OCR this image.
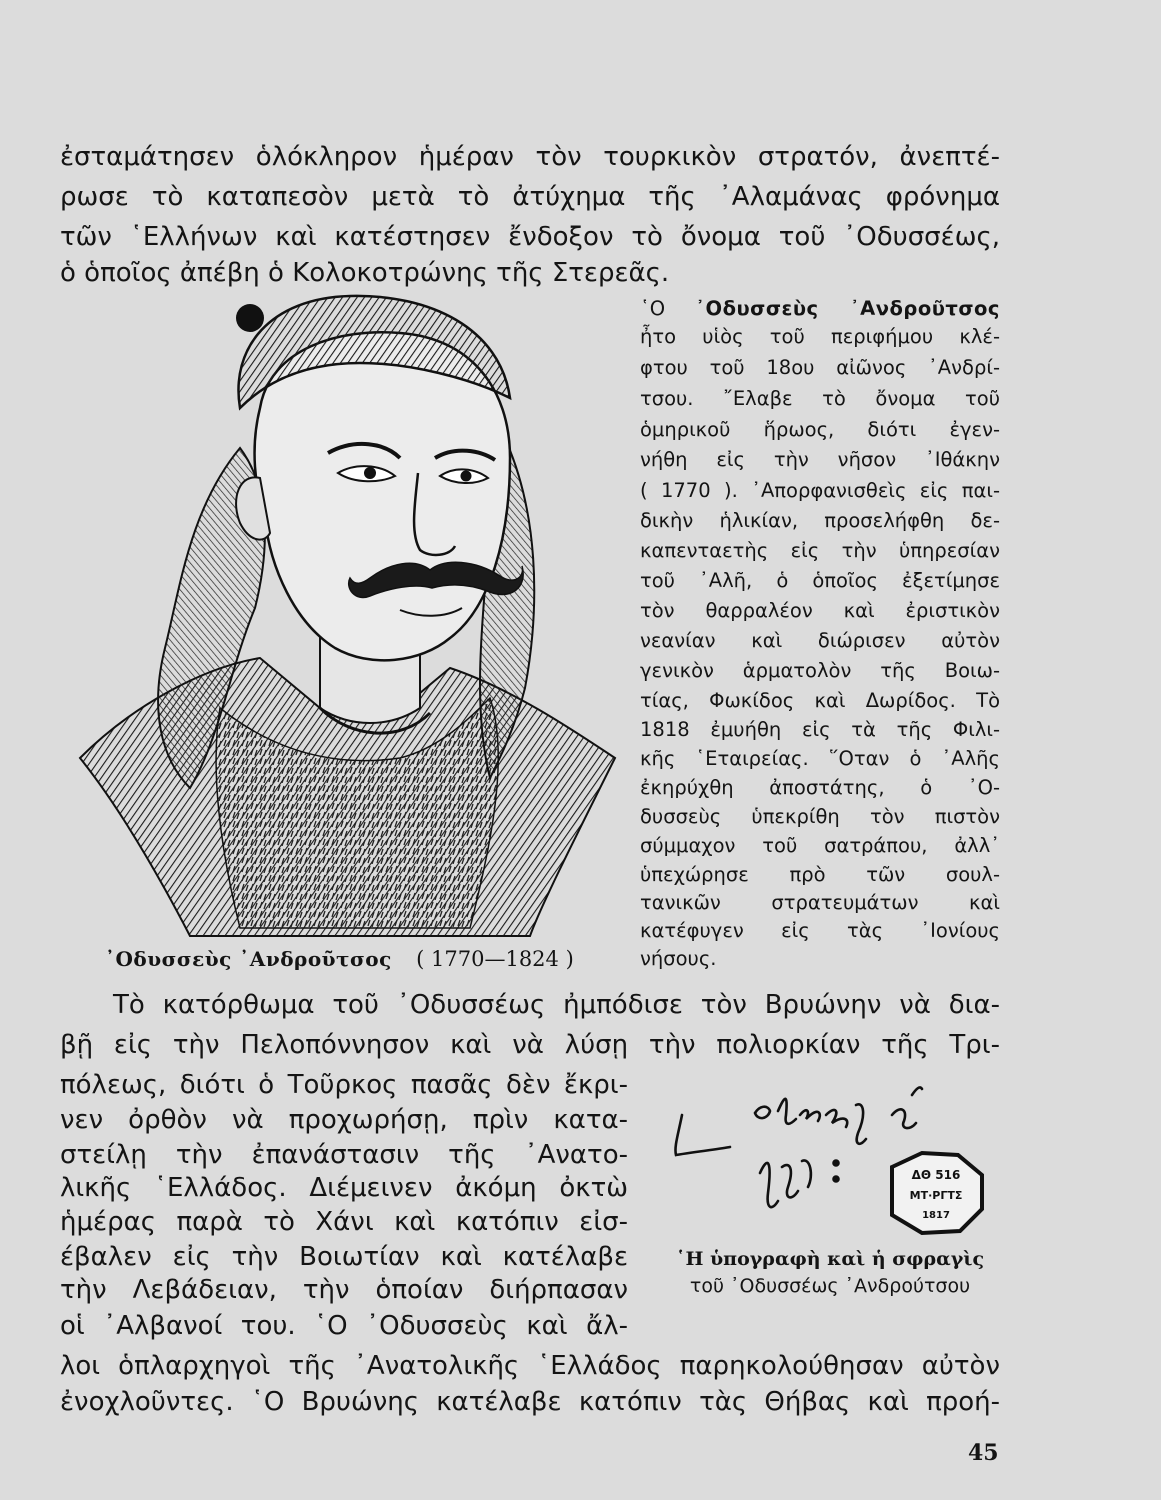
ἐσταμάτησεν ὁλόκληρον ἡμέραν τὸν τουρκικὸν στρατόν, ἀνεπτέ-
ρωσε τὸ καταπεσὸν μετὰ τὸ ἀτύχημα τῆς ᾿Αλαμάνας φρόνημα
τῶν ῾Ελλήνων καὶ κατέστησεν ἔνδοξον τὸ ὄνομα τοῦ ᾿Οδυσσέως,
ὁ ὁποῖος ἀπέβη ὁ Κολοκοτρώνης τῆς Στερεᾶς.
᾿Οδυσσεὺς ᾿Ανδροῦτσος ( 1770—1824 )
῾Ο ᾿Οδυσσεὺς ᾿Ανδροῦτσος
ἦτο υἱὸς τοῦ περιφήμου κλέ-
φτου τοῦ 18ου αἰῶνος ᾿Ανδρί-
τσου. ῎Ελαβε τὸ ὄνομα τοῦ
ὁμηρικοῦ ἥρωος, διότι ἐγεν-
νήθη εἰς τὴν νῆσον ᾿Ιθάκην
( 1770 ). ᾿Απορφανισθεὶς εἰς παι-
δικὴν ἡλικίαν, προσελήφθη δε-
καπενταετὴς εἰς τὴν ὑπηρεσίαν
τοῦ ᾿Αλῆ, ὁ ὁποῖος ἐξετίμησε
τὸν θαρραλέον καὶ ἐριστικὸν
νεανίαν καὶ διώρισεν αὐτὸν
γενικὸν ἁρματολὸν τῆς Βοιω-
τίας, Φωκίδος καὶ Δωρίδος. Τὸ
1818 ἐμυήθη εἰς τὰ τῆς Φιλι-
κῆς ῾Εταιρείας. ῞Οταν ὁ ᾿Αλῆς
ἐκηρύχθη ἀποστάτης, ὁ ᾿Ο-
δυσσεὺς ὑπεκρίθη τὸν πιστὸν
σύμμαχον τοῦ σατράπου, ἀλλ᾿
ὑπεχώρησε πρὸ τῶν σουλ-
τανικῶν στρατευμάτων καὶ
κατέφυγεν εἰς τὰς ᾿Ιονίους
νήσους.
Τὸ κατόρθωμα τοῦ ᾿Οδυσσέως ἠμπόδισε τὸν Βρυώνην νὰ δια-
βῇ εἰς τὴν Πελοπόννησον καὶ νὰ λύσῃ τὴν πολιορκίαν τῆς Τρι-
πόλεως, διότι ὁ Τοῦρκος πασᾶς δὲν ἔκρι-
νεν ὀρθὸν νὰ προχωρήσῃ, πρὶν κατα-
στείλῃ τὴν ἐπανάστασιν τῆς ᾿Ανατο-
λικῆς ῾Ελλάδος. Διέμεινεν ἀκόμη ὀκτὼ
ἡμέρας παρὰ τὸ Χάνι καὶ κατόπιν εἰσ-
έβαλεν εἰς τὴν Βοιωτίαν καὶ κατέλαβε
τὴν Λεβάδειαν, τὴν ὁποίαν διήρπασαν
οἱ ᾿Αλβανοί του. ῾Ο ᾿Οδυσσεὺς καὶ ἄλ-
λοι ὁπλαρχηγοὶ τῆς ᾿Ανατολικῆς ῾Ελλάδος παρηκολούθησαν αὐτὸν
ἐνοχλοῦντες. ῾Ο Βρυώνης κατέλαβε κατόπιν τὰς Θήβας καὶ προή-
ΔΘ 516
ΜΤ·ΡΓΤΣ
1817
῾Η ὑπογραφὴ καὶ ἡ σφραγὶς
τοῦ ᾿Οδυσσέως ᾿Ανδρούτσου
45
